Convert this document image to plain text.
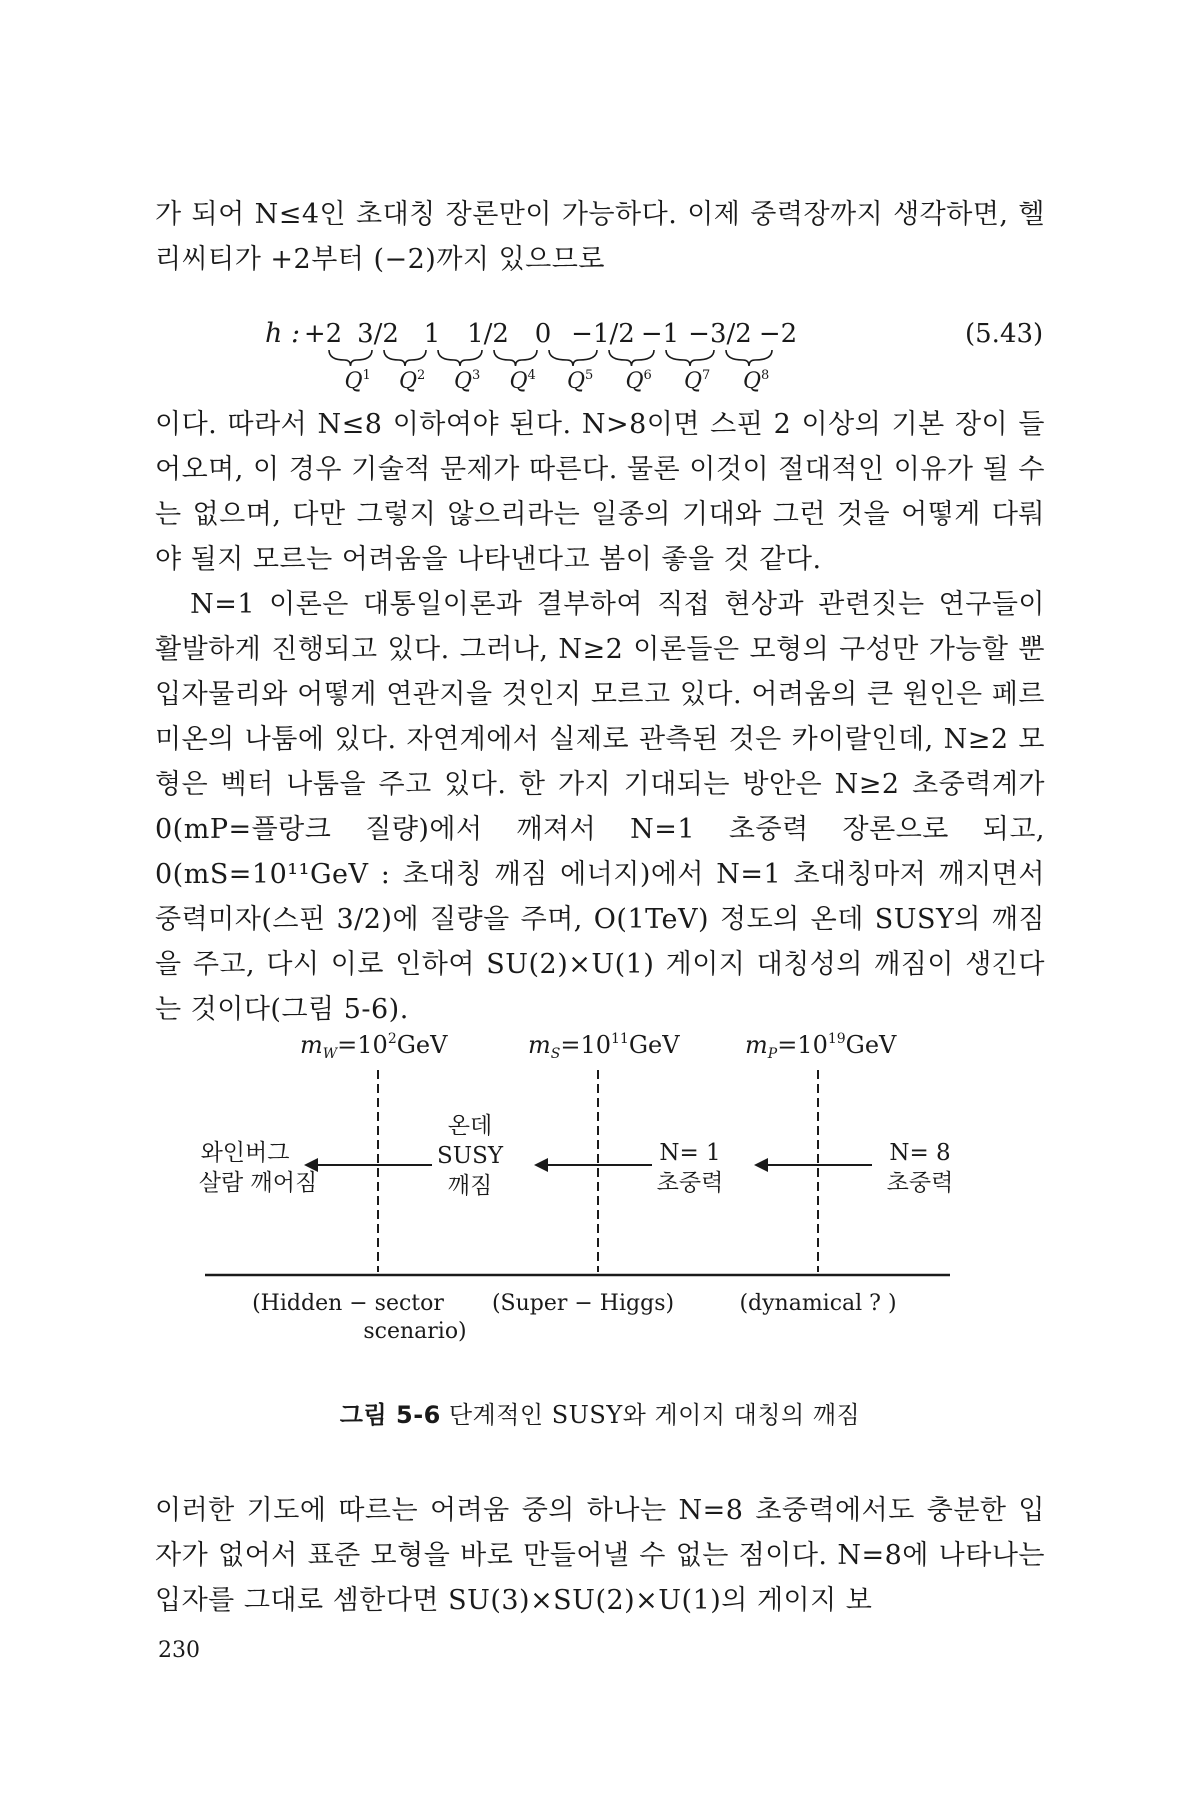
가 되어 N≤4인 초대칭 장론만이 가능하다. 이제 중력장까지 생각하면, 헬리씨티가 +2부터 (−2)까지 있으므로

h : +2 3/2 1 1/2 0 −1/2 −1 −3/2 −2
$Q^1$ $Q^2$ $Q^3$ $Q^4$ $Q^5$ $Q^6$ $Q^7$ $Q^8$
(5.43)

이다. 따라서 N≤8 이하여야 된다. N>8이면 스핀 2 이상의 기본 장이 들어오며, 이 경우 기술적 문제가 따른다. 물론 이것이 절대적인 이유가 될 수는 없으며, 다만 그렇지 않으리라는 일종의 기대와 그런 것을 어떻게 다뤄야 될지 모르는 어려움을 나타낸다고 봄이 좋을 것 같다.

N=1 이론은 대통일이론과 결부하여 직접 현상과 관련짓는 연구들이 활발하게 진행되고 있다. 그러나, N≥2 이론들은 모형의 구성만 가능할 뿐 입자물리와 어떻게 연관지을 것인지 모르고 있다. 어려움의 큰 원인은 페르미온의 나툼에 있다. 자연계에서 실제로 관측된 것은 카이랄인데, N≥2 모형은 벡터 나툼을 주고 있다. 한 가지 기대되는 방안은 N≥2 초중력계가 0(mP=플랑크 질량)에서 깨져서 N=1 초중력 장론으로 되고, 0(mS=10¹¹GeV : 초대칭 깨짐 에너지)에서 N=1 초대칭마저 깨지면서 중력미자(스핀 3/2)에 질량을 주며, O(1TeV) 정도의 온데 SUSY의 깨짐을 주고, 다시 이로 인하여 SU(2)×U(1) 게이지 대칭성의 깨짐이 생긴다는 것이다(그림 5-6).

$m_W=10^2GeV$	$m_S=10^{11}GeV$	$m_P=10^{19}GeV$
와인버그
살람 깨어짐
온데
SUSY
깨짐
N= 1
초중력
N= 8
초중력
(Hidden − sector
scenario)
(Super − Higgs)	(dynamical ? )
그림 5-6 단계적인 SUSY와 게이지 대칭의 깨짐

이러한 기도에 따르는 어려움 중의 하나는 N=8 초중력에서도 충분한 입자가 없어서 표준 모형을 바로 만들어낼 수 없는 점이다. N=8에 나타나는 입자를 그대로 셈한다면 SU(3)×SU(2)×U(1)의 게이지 보

230
